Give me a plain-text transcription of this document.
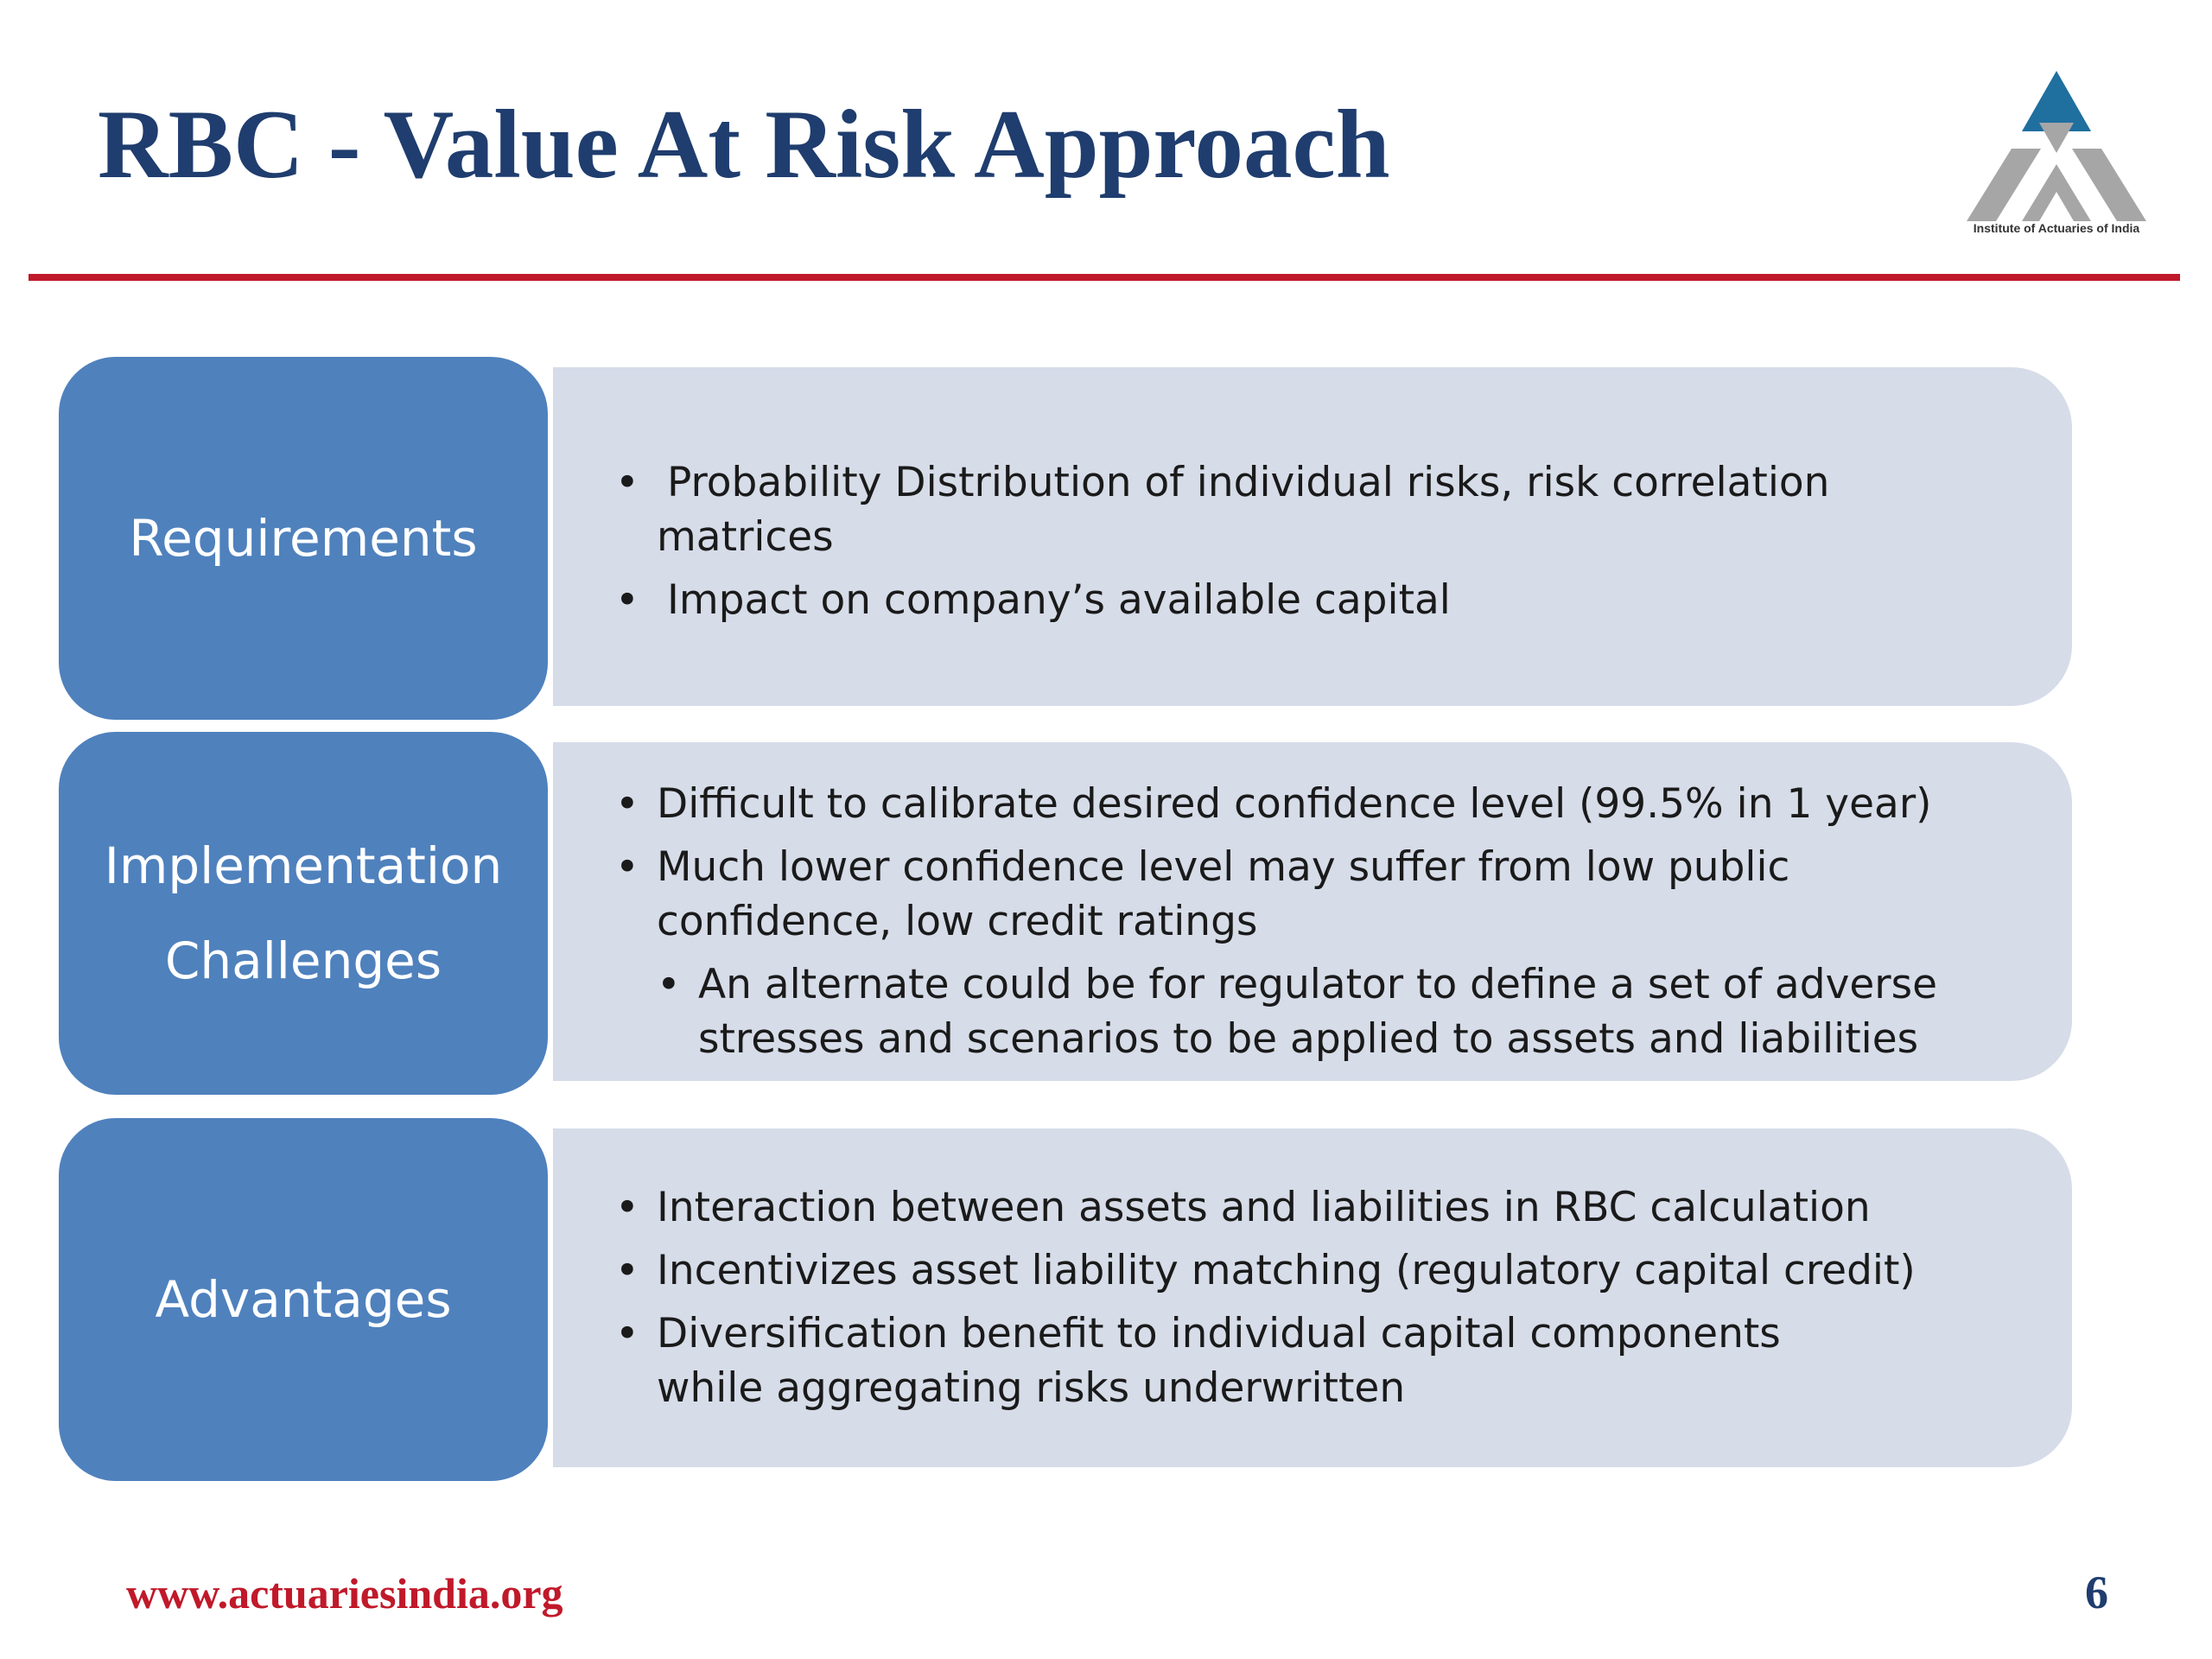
RBC - Value At Risk Approach
Institute of Actuaries of India
Requirements
• Probability Distribution of individual risks, risk correlation matrices
• Impact on company’s available capital
Implementation
Challenges
• Difficult to calibrate desired confidence level (99.5% in 1 year)
• Much lower confidence level may suffer from low public confidence, low credit ratings
• An alternate could be for regulator to define a set of adverse stresses and scenarios to be applied to assets and liabilities
Advantages
• Interaction between assets and liabilities in RBC calculation
• Incentivizes asset liability matching (regulatory capital credit)
• Diversification benefit to individual capital components while aggregating risks underwritten
www.actuariesindia.org	6
